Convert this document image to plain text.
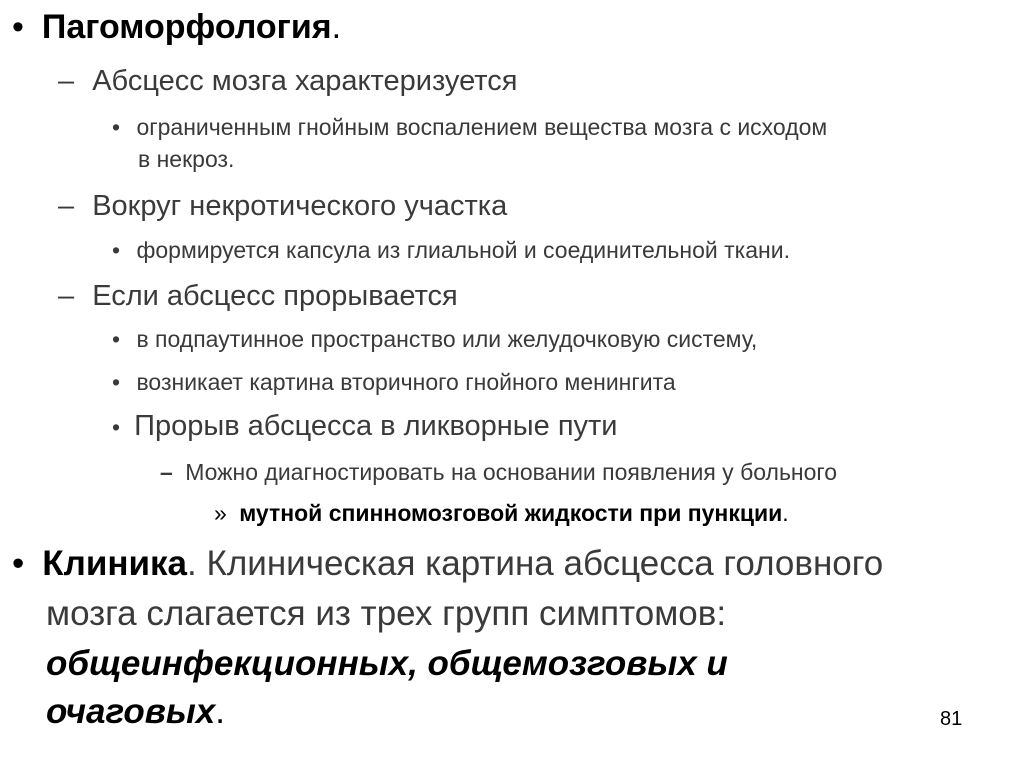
• Пагоморфология.
– Абсцесс мозга характеризуется
• ограниченным гнойным воспалением вещества мозга с исходом
в некроз.
– Вокруг некротического участка
• формируется капсула из глиальной и соединительной ткани.
– Если абсцесс прорывается
• в подпаутинное пространство или желудочковую систему,
• возникает картина вторичного гнойного менингита
• Прорыв абсцесса в ликворные пути
– Можно диагностировать на основании появления у больного
» мутной спинномозговой жидкости при пункции.
• Клиника. Клиническая картина абсцесса головного
мозга слагается из трех групп симптомов:
общеинфекционных, общемозговых и
очаговых.	81
